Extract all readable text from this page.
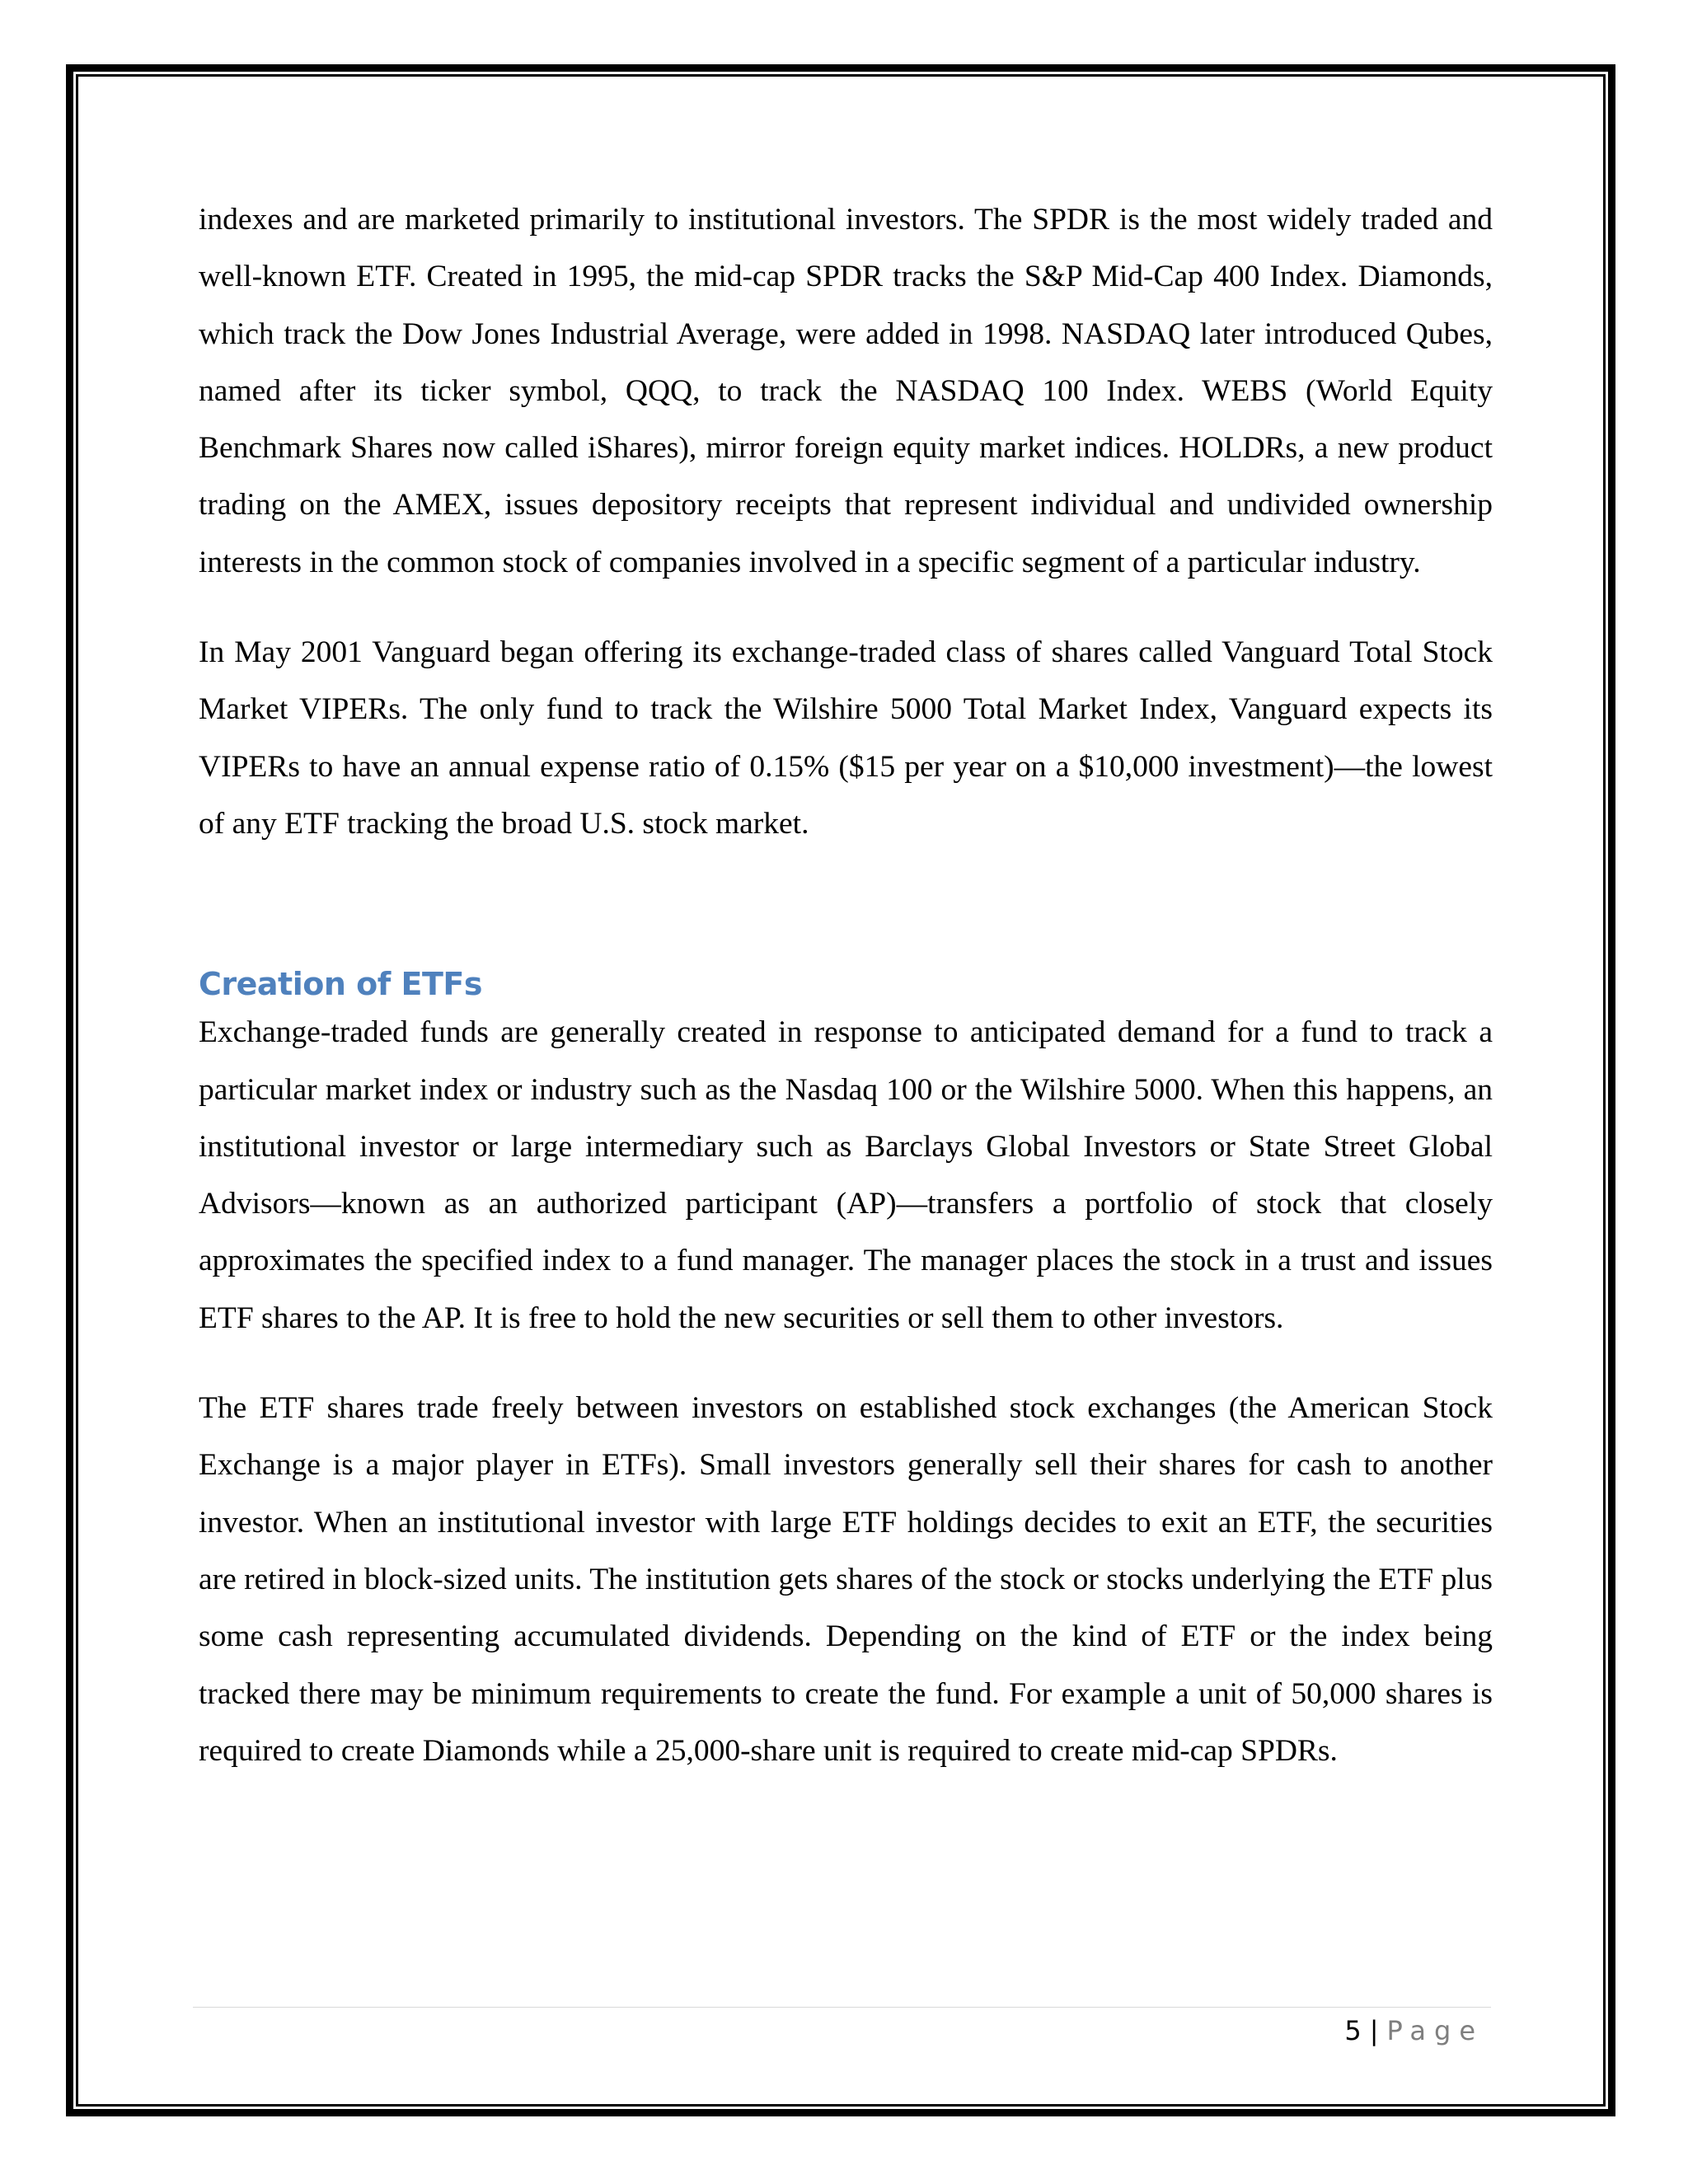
indexes and are marketed primarily to institutional investors. The SPDR is the most widely traded and well-known ETF. Created in 1995, the mid-cap SPDR tracks the S&P Mid-Cap 400 Index. Diamonds, which track the Dow Jones Industrial Average, were added in 1998. NASDAQ later introduced Qubes, named after its ticker symbol, QQQ, to track the NASDAQ 100 Index. WEBS (World Equity Benchmark Shares now called iShares), mirror foreign equity market indices. HOLDRs, a new product trading on the AMEX, issues depository receipts that represent individual and undivided ownership interests in the common stock of companies involved in a specific segment of a particular industry.

In May 2001 Vanguard began offering its exchange-traded class of shares called Vanguard Total Stock Market VIPERs. The only fund to track the Wilshire 5000 Total Market Index, Vanguard expects its VIPERs to have an annual expense ratio of 0.15% ($15 per year on a $10,000 investment)—the lowest of any ETF tracking the broad U.S. stock market.

Creation of ETFs

Exchange-traded funds are generally created in response to anticipated demand for a fund to track a particular market index or industry such as the Nasdaq 100 or the Wilshire 5000. When this happens, an institutional investor or large intermediary such as Barclays Global Investors or State Street Global Advisors—known as an authorized participant (AP)—transfers a portfolio of stock that closely approximates the specified index to a fund manager. The manager places the stock in a trust and issues ETF shares to the AP. It is free to hold the new securities or sell them to other investors.

The ETF shares trade freely between investors on established stock exchanges (the American Stock Exchange is a major player in ETFs). Small investors generally sell their shares for cash to another investor. When an institutional investor with large ETF holdings decides to exit an ETF, the securities are retired in block-sized units. The institution gets shares of the stock or stocks underlying the ETF plus some cash representing accumulated dividends. Depending on the kind of ETF or the index being tracked there may be minimum requirements to create the fund. For example a unit of 50,000 shares is required to create Diamonds while a 25,000-share unit is required to create mid-cap SPDRs.

5 | Page
